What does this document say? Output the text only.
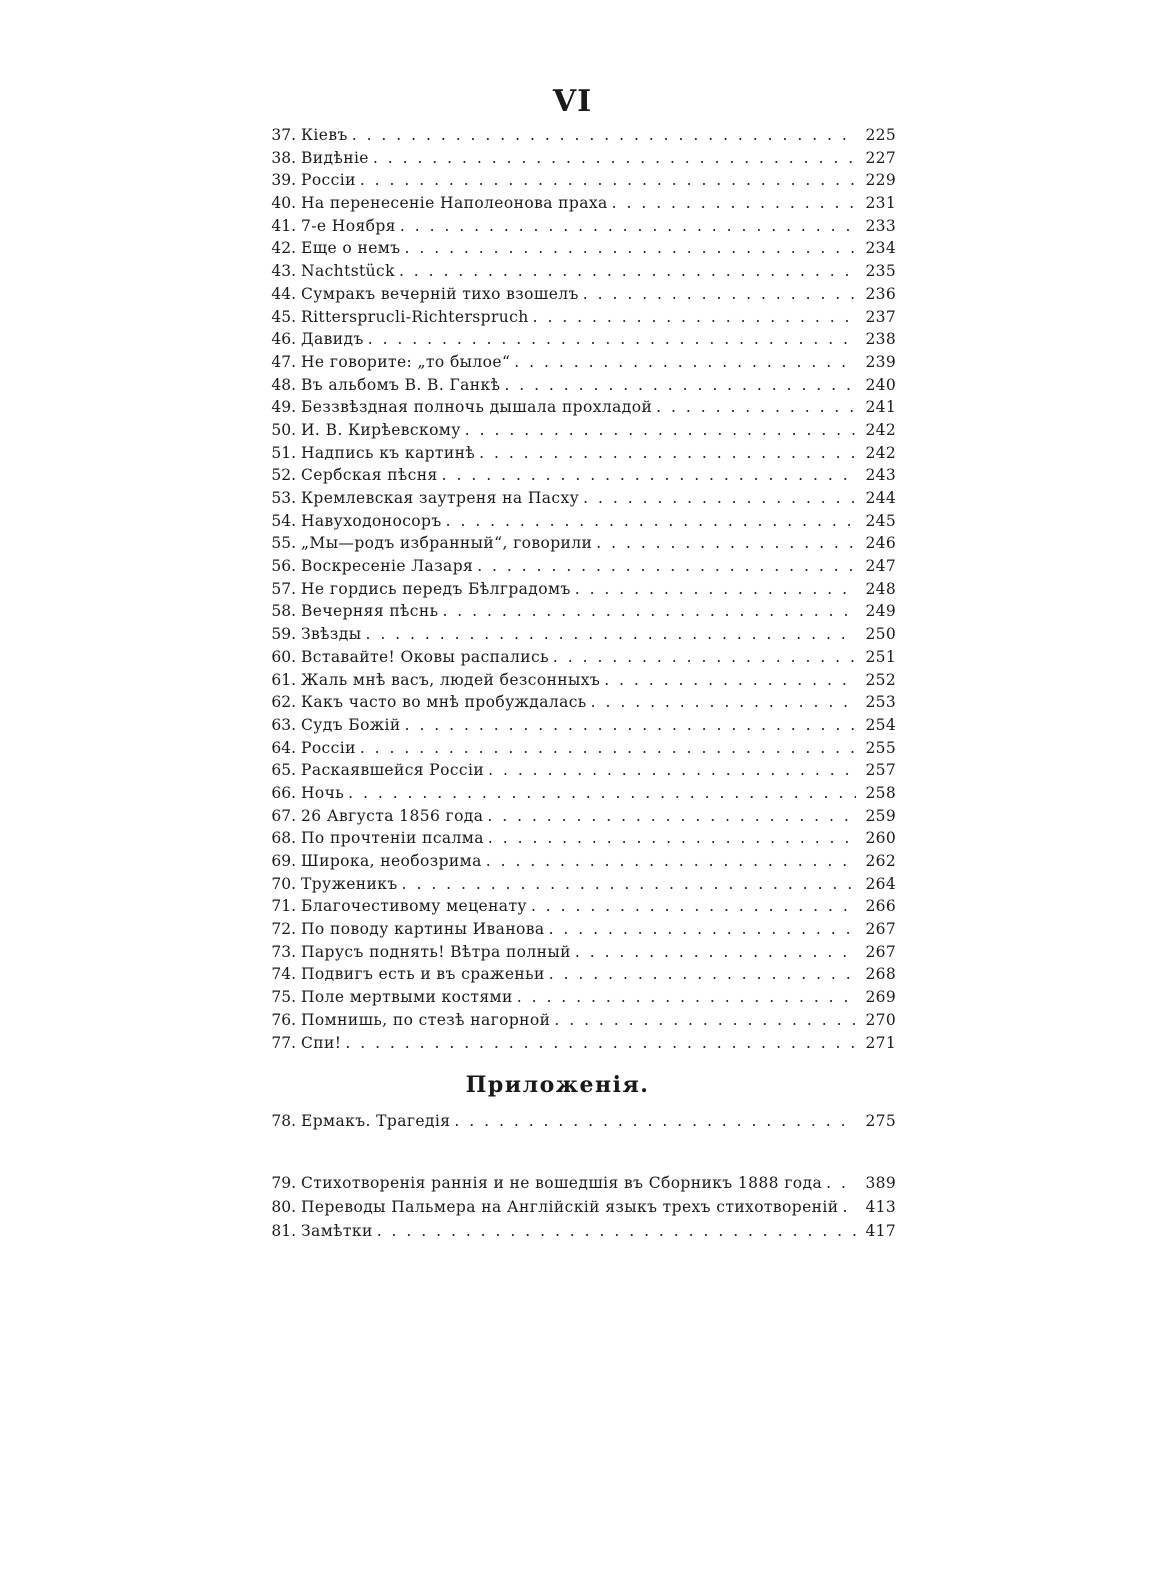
VI
37. Кіевъ . . .	225
38. Видѣніе . . .	227
39. Россіи . . .	229
40. На перенесеніе Наполеонова праха . . .	231
41. 7-е Ноября . . .	233
42. Еще о немъ . . .	234
43. Nachtstück . . .	235
44. Сумракъ вечерній тихо взошелъ . . .	236
45. Rittersprucli-Richterspruch . . .	237
46. Давидъ . . .	238
47. Не говорите: „то былое“ . . .	239
48. Въ альбомъ В. В. Ганкѣ . . .	240
49. Беззвѣздная полночь дышала прохладой . . .	241
50. И. В. Кирѣевскому . . .	242
51. Надпись къ картинѣ . . .	242
52. Сербская пѣсня . . .	243
53. Кремлевская заутреня на Пасху . . .	244
54. Навуходоносоръ . . .	245
55. „Мы—родъ избранный“, говорили . . .	246
56. Воскресеніе Лазаря . . .	247
57. Не гордись передъ Бѣлградомъ . . .	248
58. Вечерняя пѣснь . . .	249
59. Звѣзды . . .	250
60. Вставайте! Оковы распались . . .	251
61. Жаль мнѣ васъ, людей безсонныхъ . . .	252
62. Какъ часто во мнѣ пробуждалась . . .	253
63. Судъ Божій . . .	254
64. Россіи . . .	255
65. Раскаявшейся Россіи . . .	257
66. Ночь . . .	258
67. 26 Августа 1856 года . . .	259
68. По прочтеніи псалма . . .	260
69. Широка, необозрима . . .	262
70. Труженикъ . . .	264
71. Благочестивому меценату . . .	266
72. По поводу картины Иванова . . .	267
73. Парусъ поднять! Вѣтра полный . . .	267
74. Подвигъ есть и въ сраженьи . . .	268
75. Поле мертвыми костями . . .	269
76. Помнишь, по стезѣ нагорной . . .	270
77. Спи! . . .	271
Приложенія.
78. Ермакъ. Трагедія . . .	275
79. Стихотворенія раннія и не вошедшія въ Сборникъ 1888 года . . .	389
80. Переводы Пальмера на Англійскій языкъ трехъ стихотвореній . . .	413
81. Замѣтки . . .	417
